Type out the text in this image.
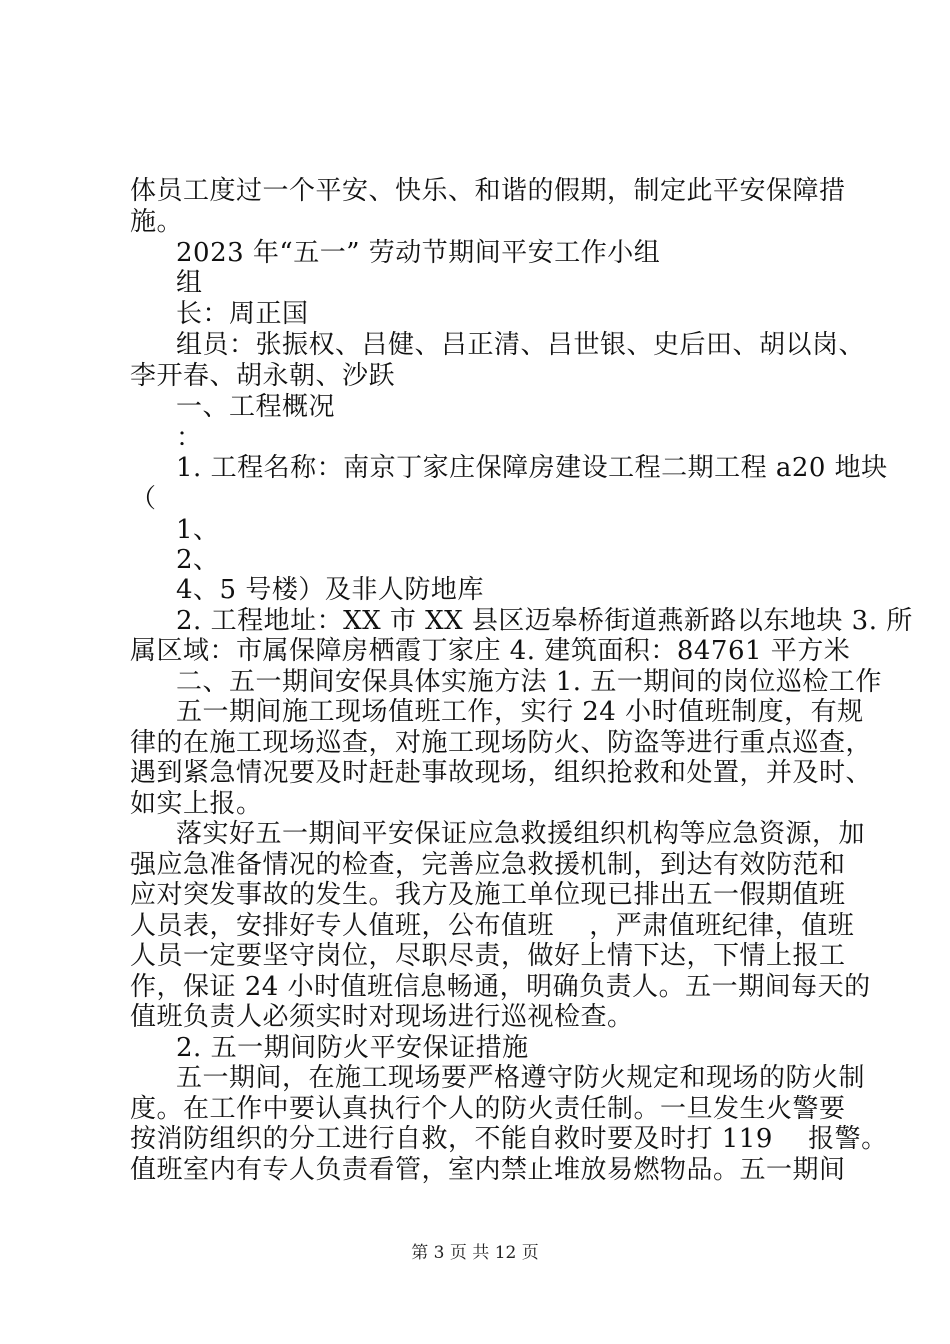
体员工度过一个平安、快乐、和谐的假期，制定此平安保障措
施。
2023 年“五一” 劳动节期间平安工作小组
组
长：周正国
组员：张振权、吕健、吕正清、吕世银、史后田、胡以岗、
李开春、胡永朝、沙跃
一、工程概况
：
1. 工程名称：南京丁家庄保障房建设工程二期工程 a20 地块
（
1、
2、
4、5 号楼）及非人防地库
2. 工程地址：XX 市 XX 县区迈皋桥街道燕新路以东地块 3. 所
属区域：市属保障房栖霞丁家庄 4. 建筑面积：84761 平方米
二、五一期间安保具体实施方法 1. 五一期间的岗位巡检工作
五一期间施工现场值班工作，实行 24 小时值班制度，有规
律的在施工现场巡查，对施工现场防火、防盗等进行重点巡查，
遇到紧急情况要及时赶赴事故现场，组织抢救和处置，并及时、
如实上报。
落实好五一期间平安保证应急救援组织机构等应急资源，加
强应急准备情况的检查，完善应急救援机制，到达有效防范和
应对突发事故的发生。我方及施工单位现已排出五一假期值班
人员表，安排好专人值班，公布值班　 ，严肃值班纪律，值班
人员一定要坚守岗位，尽职尽责，做好上情下达，下情上报工
作，保证 24 小时值班信息畅通，明确负责人。五一期间每天的
值班负责人必须实时对现场进行巡视检查。
2. 五一期间防火平安保证措施
五一期间，在施工现场要严格遵守防火规定和现场的防火制
度。在工作中要认真执行个人的防火责任制。一旦发生火警要
按消防组织的分工进行自救，不能自救时要及时打 119　 报警。
值班室内有专人负责看管，室内禁止堆放易燃物品。五一期间
第 3 页 共 12 页
